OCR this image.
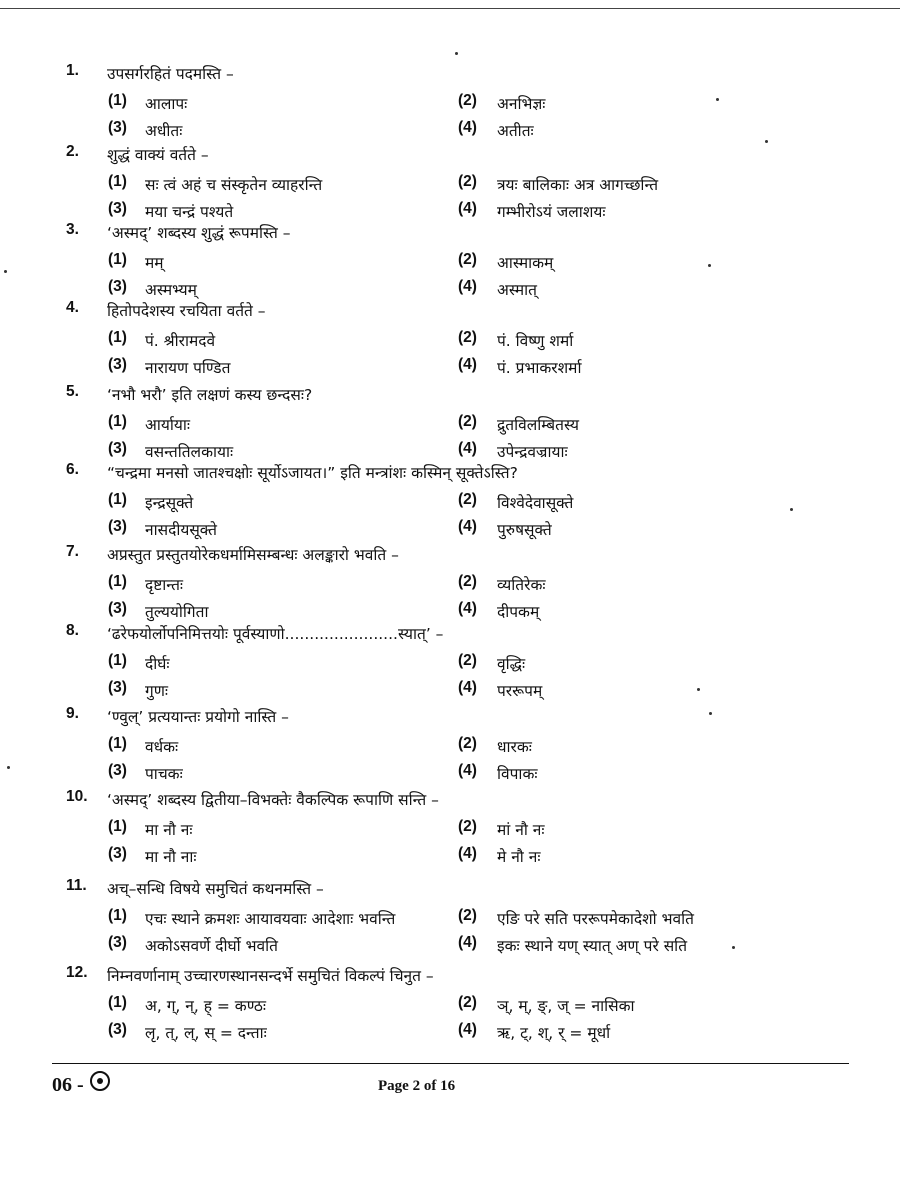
1. उपसर्गरहितं पदमस्ति –
(1) आलापः	(2) अनभिज्ञः
(3) अधीतः	(4) अतीतः
2. शुद्धं वाक्यं वर्तते –
(1) सः त्वं अहं च संस्कृतेन व्याहरन्ति	(2) त्रयः बालिकाः अत्र आगच्छन्ति
(3) मया चन्द्रं पश्यते	(4) गम्भीरोऽयं जलाशयः
3. ‘अस्मद्’ शब्दस्य शुद्धं रूपमस्ति –
(1) मम्	(2) आस्माकम्
(3) अस्मभ्यम्	(4) अस्मात्
4. हितोपदेशस्य रचयिता वर्तते –
(1) पं. श्रीरामदवे	(2) पं. विष्णु शर्मा
(3) नारायण पण्डित	(4) पं. प्रभाकरशर्मा
5. ‘नभौ भरौ’ इति लक्षणं कस्य छन्दसः?
(1) आर्यायाः	(2) द्रुतविलम्बितस्य
(3) वसन्ततिलकायाः	(4) उपेन्द्रवज्रायाः
6. “चन्द्रमा मनसो जातश्चक्षोः सूर्योऽजायत।” इति मन्त्रांशः कस्मिन् सूक्तेऽस्ति?
(1) इन्द्रसूक्ते	(2) विश्वेदेवासूक्ते
(3) नासदीयसूक्ते	(4) पुरुषसूक्ते
7. अप्रस्तुत प्रस्तुतयोरेकधर्मामिसम्बन्धः अलङ्कारो भवति –
(1) दृष्टान्तः	(2) व्यतिरेकः
(3) तुल्ययोगिता	(4) दीपकम्
8. ‘ढरेफयोर्लोपनिमित्तयोः पूर्वस्याणो.......................स्यात्’ –
(1) दीर्घः	(2) वृद्धिः
(3) गुणः	(4) पररूपम्
9. ‘ण्वुल्’ प्रत्ययान्तः प्रयोगो नास्ति –
(1) वर्धकः	(2) धारकः
(3) पाचकः	(4) विपाकः
10. ‘अस्मद्’ शब्दस्य द्वितीया–विभक्तेः वैकल्पिक रूपाणि सन्ति –
(1) मा नौ नः	(2) मां नौ नः
(3) मा नौ नाः	(4) मे नौ नः
11. अच्–सन्धि विषये समुचितं कथनमस्ति –
(1) एचः स्थाने क्रमशः आयावयवाः आदेशाः भवन्ति	(2) एङि परे सति पररूपमेकादेशो भवति
(3) अकोऽसवर्णे दीर्घो भवति	(4) इकः स्थाने यण् स्यात् अण् परे सति
12. निम्नवर्णानाम् उच्चारणस्थानसन्दर्भे समुचितं विकल्पं चिनुत –
(1) अ, ग्, न्, ह् = कण्ठः	(2) ञ्, म्, ङ्, ज् = नासिका
(3) लृ, त्, ल्, स् = दन्ताः	(4) ऋ, ट्, श्, र् = मूर्धा
06 -	Page 2 of 16
